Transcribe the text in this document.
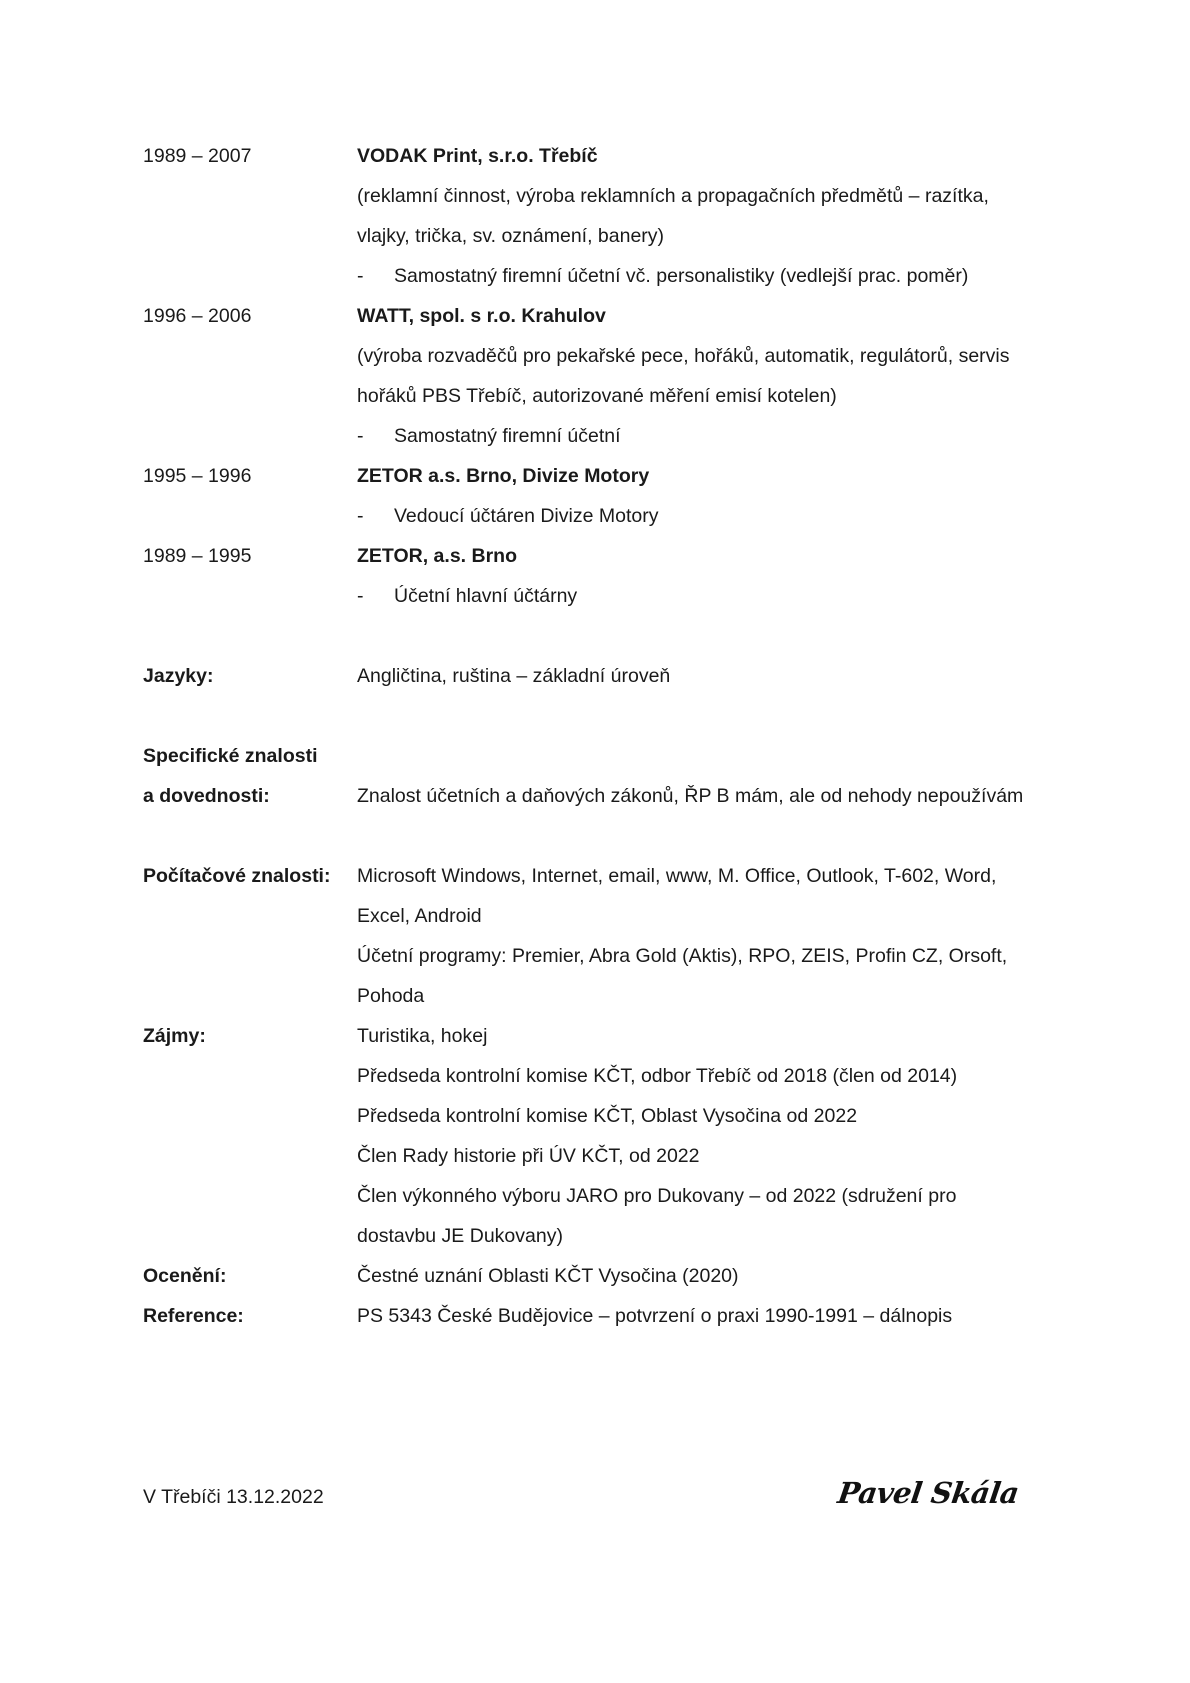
1989 – 2007	VODAK Print, s.r.o. Třebíč
(reklamní činnost, výroba reklamních a propagačních předmětů – razítka,
vlajky, trička, sv. oznámení, banery)
-	Samostatný firemní účetní vč. personalistiky (vedlejší prac. poměr)
1996 – 2006	WATT, spol. s r.o. Krahulov
(výroba rozvaděčů pro pekařské pece, hořáků, automatik, regulátorů, servis
hořáků PBS Třebíč, autorizované měření emisí kotelen)
-	Samostatný firemní účetní
1995 – 1996	ZETOR a.s. Brno, Divize Motory
-	Vedoucí účtáren Divize Motory
1989 – 1995	ZETOR, a.s. Brno
-	Účetní hlavní účtárny
Jazyky:	Angličtina, ruština – základní úroveň
Specifické znalosti
a dovednosti:	Znalost účetních a daňových zákonů, ŘP B mám, ale od nehody nepoužívám
Počítačové znalosti:	Microsoft Windows, Internet, email, www, M. Office, Outlook, T-602, Word,
Excel, Android
Účetní programy: Premier, Abra Gold (Aktis), RPO, ZEIS, Profin CZ, Orsoft,
Pohoda
Zájmy:	Turistika, hokej
Předseda kontrolní komise KČT, odbor Třebíč od 2018 (člen od 2014)
Předseda kontrolní komise KČT, Oblast Vysočina od 2022
Člen Rady historie při ÚV KČT, od 2022
Člen výkonného výboru JARO pro Dukovany – od 2022 (sdružení pro
dostavbu JE Dukovany)
Ocenění:	Čestné uznání Oblasti KČT Vysočina (2020)
Reference:	PS 5343 České Budějovice – potvrzení o praxi 1990-1991 – dálnopis
V Třebíči 13.12.2022	Pavel Skála
